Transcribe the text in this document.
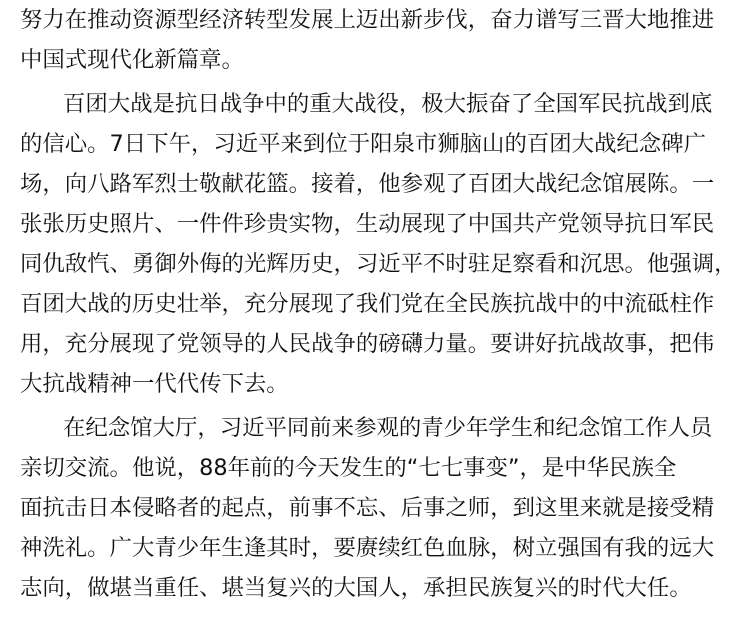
努力在推动资源型经济转型发展上迈出新步伐，奋力谱写三晋大地推进
中国式现代化新篇章。
百团大战是抗日战争中的重大战役，极大振奋了全国军民抗战到底
的信心。7日下午，习近平来到位于阳泉市狮脑山的百团大战纪念碑广
场，向八路军烈士敬献花篮。接着，他参观了百团大战纪念馆展陈。一
张张历史照片、一件件珍贵实物，生动展现了中国共产党领导抗日军民
同仇敌忾、勇御外侮的光辉历史，习近平不时驻足察看和沉思。他强调，
百团大战的历史壮举，充分展现了我们党在全民族抗战中的中流砥柱作
用，充分展现了党领导的人民战争的磅礴力量。要讲好抗战故事，把伟
大抗战精神一代代传下去。
在纪念馆大厅，习近平同前来参观的青少年学生和纪念馆工作人员
亲切交流。他说，88年前的今天发生的“七七事变”，是中华民族全
面抗击日本侵略者的起点，前事不忘、后事之师，到这里来就是接受精
神洗礼。广大青少年生逢其时，要赓续红色血脉，树立强国有我的远大
志向，做堪当重任、堪当复兴的大国人，承担民族复兴的时代大任。
